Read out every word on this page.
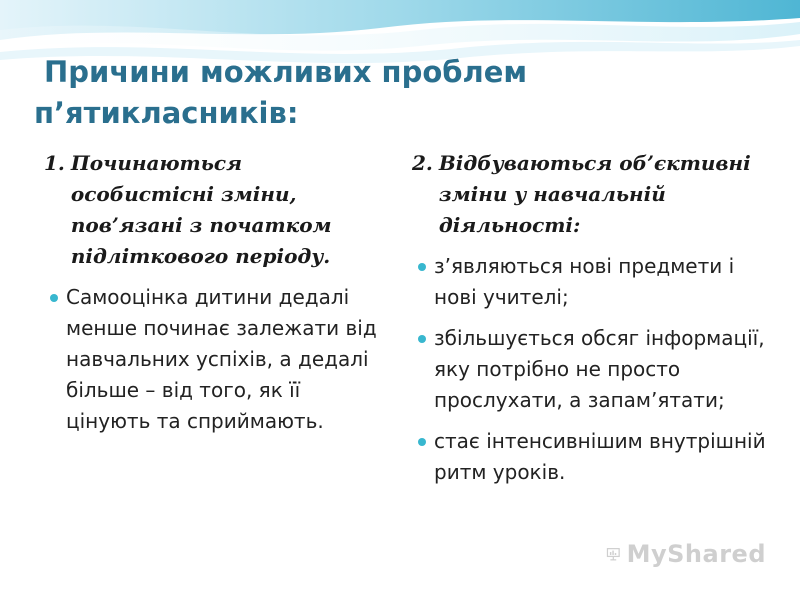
Причини можливих проблем
п’ятикласників:
1. Починаються особистісні зміни, пов’язані з початком підліткового періоду.
Самооцінка дитини дедалі менше починає залежати від навчальних успіхів, а дедалі більше – від того, як її цінують та сприймають.
2. Відбуваються об’єктивні зміни у навчальній діяльності:
з’являються нові предмети і нові учителі;
збільшується обсяг інформації, яку потрібно не просто прослухати, а запам’ятати;
стає інтенсивнішим внутрішній ритм уроків.
MyShared
